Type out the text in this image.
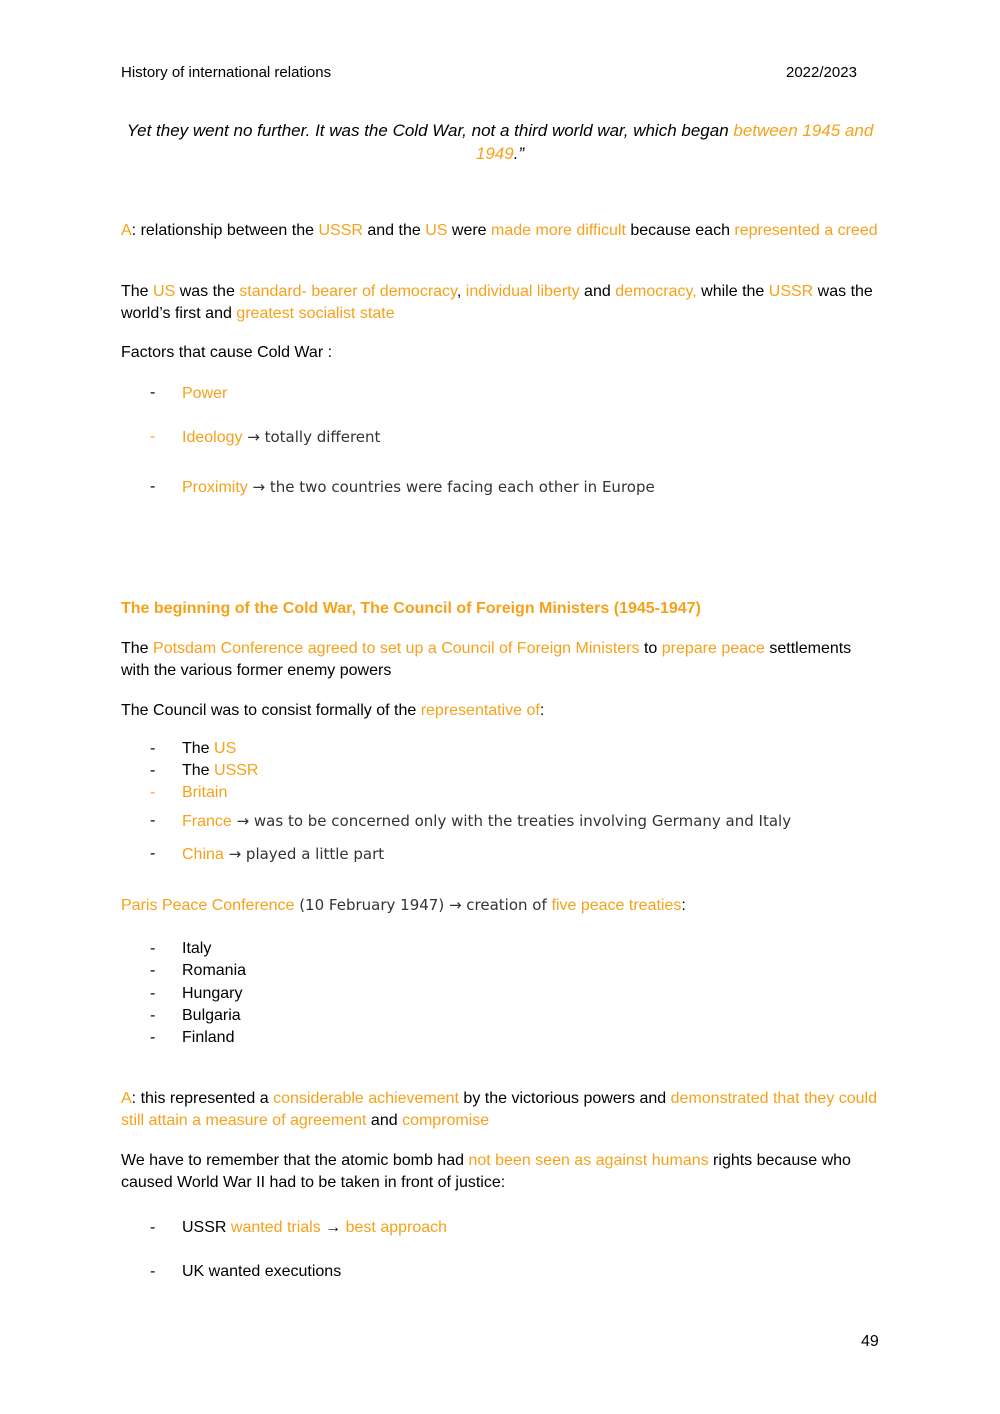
History of international relations	2022/2023
Yet they went no further. It was the Cold War, not a third world war, which began between 1945 and 1949.”
A: relationship between the USSR and the US were made more difficult because each represented a creed
The US was the standard- bearer of democracy, individual liberty and democracy, while the USSR was the world’s first and greatest socialist state
Factors that cause Cold War :
- Power
- Ideology → totally different
- Proximity → the two countries were facing each other in Europe
The beginning of the Cold War, The Council of Foreign Ministers (1945-1947)
The Potsdam Conference agreed to set up a Council of Foreign Ministers to prepare peace settlements with the various former enemy powers
The Council was to consist formally of the representative of:
- The US
- The USSR
- Britain
- France → was to be concerned only with the treaties involving Germany and Italy
- China → played a little part
Paris Peace Conference (10 February 1947) → creation of five peace treaties:
- Italy
- Romania
- Hungary
- Bulgaria
- Finland
A: this represented a considerable achievement by the victorious powers and demonstrated that they could still attain a measure of agreement and compromise
We have to remember that the atomic bomb had not been seen as against humans rights because who caused World War II had to be taken in front of justice:
- USSR wanted trials → best approach
- UK wanted executions
49
